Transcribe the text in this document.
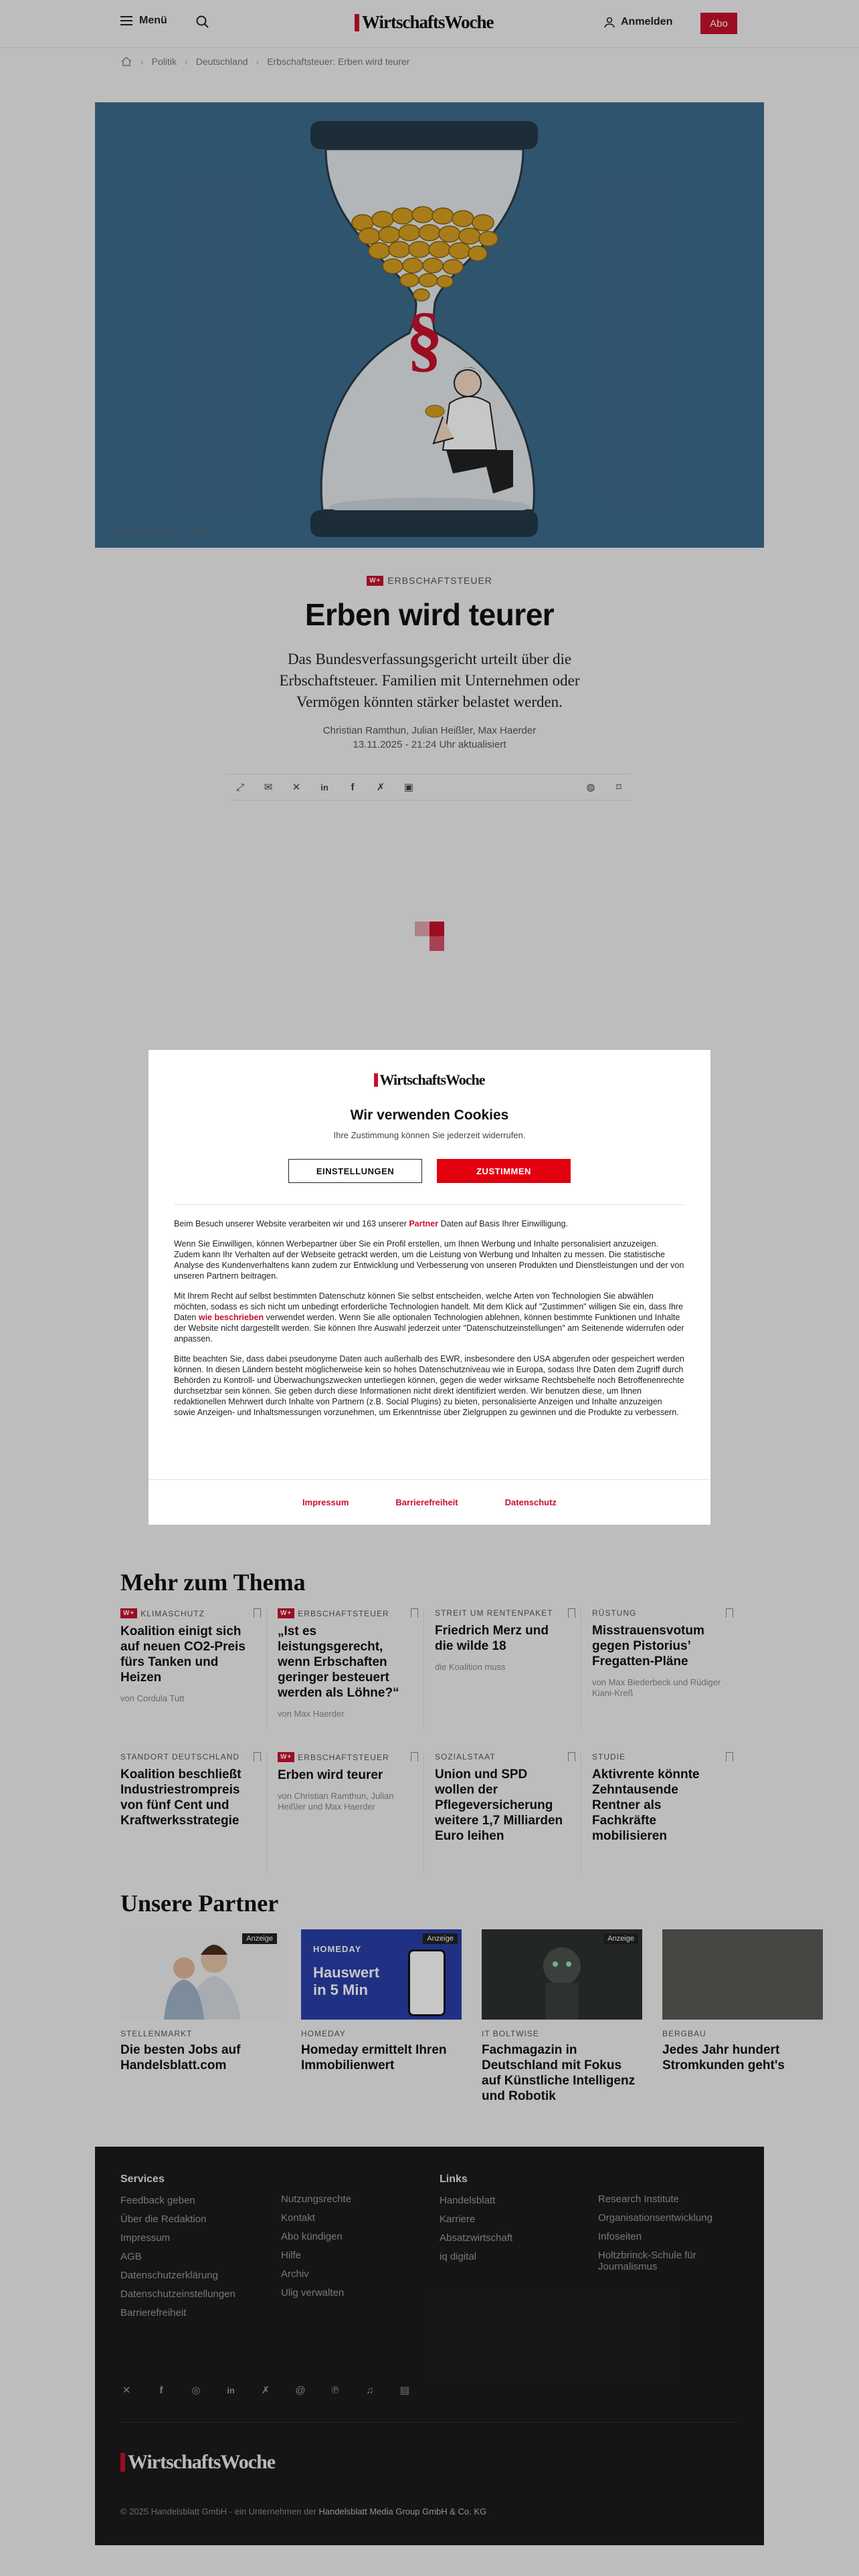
Menü	WirtschaftsWoche	Anmelden	Abo
› Politik › Deutschland › Erbschaftsteuer: Erben wird teurer
§
Foto: Getty Images, Collage
W+ ERBSCHAFTSTEUER
Erben wird teurer

Das Bundesverfassungsgericht urteilt über die Erbschaftsteuer. Familien mit Unternehmen oder Vermögen könnten stärker belastet werden.

Christian Ramthun, Julian Heißler, Max Haerder
13.11.2025 - 21:24 Uhr aktualisiert
⤢ ✉ ✕ in	f	✗ ▣	◍	⌑
Mehr zum Thema
W+ KLIMASCHUTZ
Koalition einigt sich auf neuen CO2-Preis fürs Tanken und Heizen
von Cordula Tutt
W+ ERBSCHAFTSTEUER
„Ist es leistungsgerecht, wenn Erbschaften geringer besteuert werden als Löhne?“
von Max Haerder
STREIT UM RENTENPAKET
Friedrich Merz und die wilde 18
die Koalition muss
RÜSTUNG
Misstrauensvotum gegen Pistorius’ Fregatten-Pläne
von Max Biederbeck und Rüdiger Kiani-Kreß
STANDORT DEUTSCHLAND
Koalition beschließt Industriestrompreis von fünf Cent und Kraftwerksstrategie
W+ ERBSCHAFTSTEUER
Erben wird teurer
von Christian Ramthun, Julian Heißler und Max Haerder
SOZIALSTAAT
Union und SPD wollen der Pflegeversicherung weitere 1,7 Milliarden Euro leihen
STUDIE
Aktivrente könnte Zehntausende Rentner als Fachkräfte mobilisieren
Unsere Partner
Anzeige
STELLENMARKT
Die besten Jobs auf Handelsblatt.com
HOMEDAY
Hauswert
in 5 Min
Anzeige
HOMEDAY
Homeday ermittelt Ihren Immobilienwert
Anzeige
IT BOLTWISE
Fachmagazin in Deutschland mit Fokus auf Künstliche Intelligenz und Robotik
BERGBAU
Jedes Jahr hundert Stromkunden geht's
Services
Feedback geben
Über die Redaktion
Impressum
AGB
Datenschutzerklärung
Datenschutzeinstellungen
Barrierefreiheit
Nutzungsrechte
Kontakt
Abo kündigen
Hilfe
Archiv
Ulig verwalten
Links
Handelsblatt
Karriere
Absatzwirtschaft
iq digital
Research Institute
Organisationsentwicklung
Infoseiten
Holtzbrinck-Schule für Journalismus
✕	f	◎	in	✗	@	℗	♫	▤
WirtschaftsWoche
© 2025 Handelsblatt GmbH - ein Unternehmen der Handelsblatt Media Group GmbH & Co. KG
WirtschaftsWoche
Wir verwenden Cookies
Ihre Zustimmung können Sie jederzeit widerrufen.
EINSTELLUNGEN	ZUSTIMMEN

Beim Besuch unserer Website verarbeiten wir und 163 unserer Partner Daten auf Basis Ihrer Einwilligung.

Wenn Sie Einwilligen, können Werbepartner über Sie ein Profil erstellen, um Ihnen Werbung und Inhalte personalisiert anzuzeigen. Zudem kann Ihr Verhalten auf der Webseite getrackt werden, um die Leistung von Werbung und Inhalten zu messen. Die statistische Analyse des Kundenverhaltens kann zudem zur Entwicklung und Verbesserung von unseren Produkten und Dienstleistungen und der von unseren Partnern beitragen.

Mit Ihrem Recht auf selbst bestimmten Datenschutz können Sie selbst entscheiden, welche Arten von Technologien Sie abwählen möchten, sodass es sich nicht um unbedingt erforderliche Technologien handelt. Mit dem Klick auf "Zustimmen" willigen Sie ein, dass Ihre Daten wie beschrieben verwendet werden. Wenn Sie alle optionalen Technologien ablehnen, können bestimmte Funktionen und Inhalte der Website nicht dargestellt werden. Sie können Ihre Auswahl jederzeit unter "Datenschutzeinstellungen" am Seitenende widerrufen oder anpassen.

Bitte beachten Sie, dass dabei pseudonyme Daten auch außerhalb des EWR, insbesondere den USA abgerufen oder gespeichert werden können. In diesen Ländern besteht möglicherweise kein so hohes Datenschutzniveau wie in Europa, sodass Ihre Daten dem Zugriff durch Behörden zu Kontroll- und Überwachungszwecken unterliegen können, gegen die weder wirksame Rechtsbehelfe noch Betroffenenrechte durchsetzbar sein können. Sie geben durch diese Informationen nicht direkt identifiziert werden. Wir benutzen diese, um Ihnen redaktionellen Mehrwert durch Inhalte von Partnern (z.B. Social Plugins) zu bieten, personalisierte Anzeigen und Inhalte anzuzeigen sowie Anzeigen- und Inhaltsmessungen vorzunehmen, um Erkenntnisse über Zielgruppen zu gewinnen und die Produkte zu verbessern.

Impressum	Barrierefreiheit	Datenschutz
